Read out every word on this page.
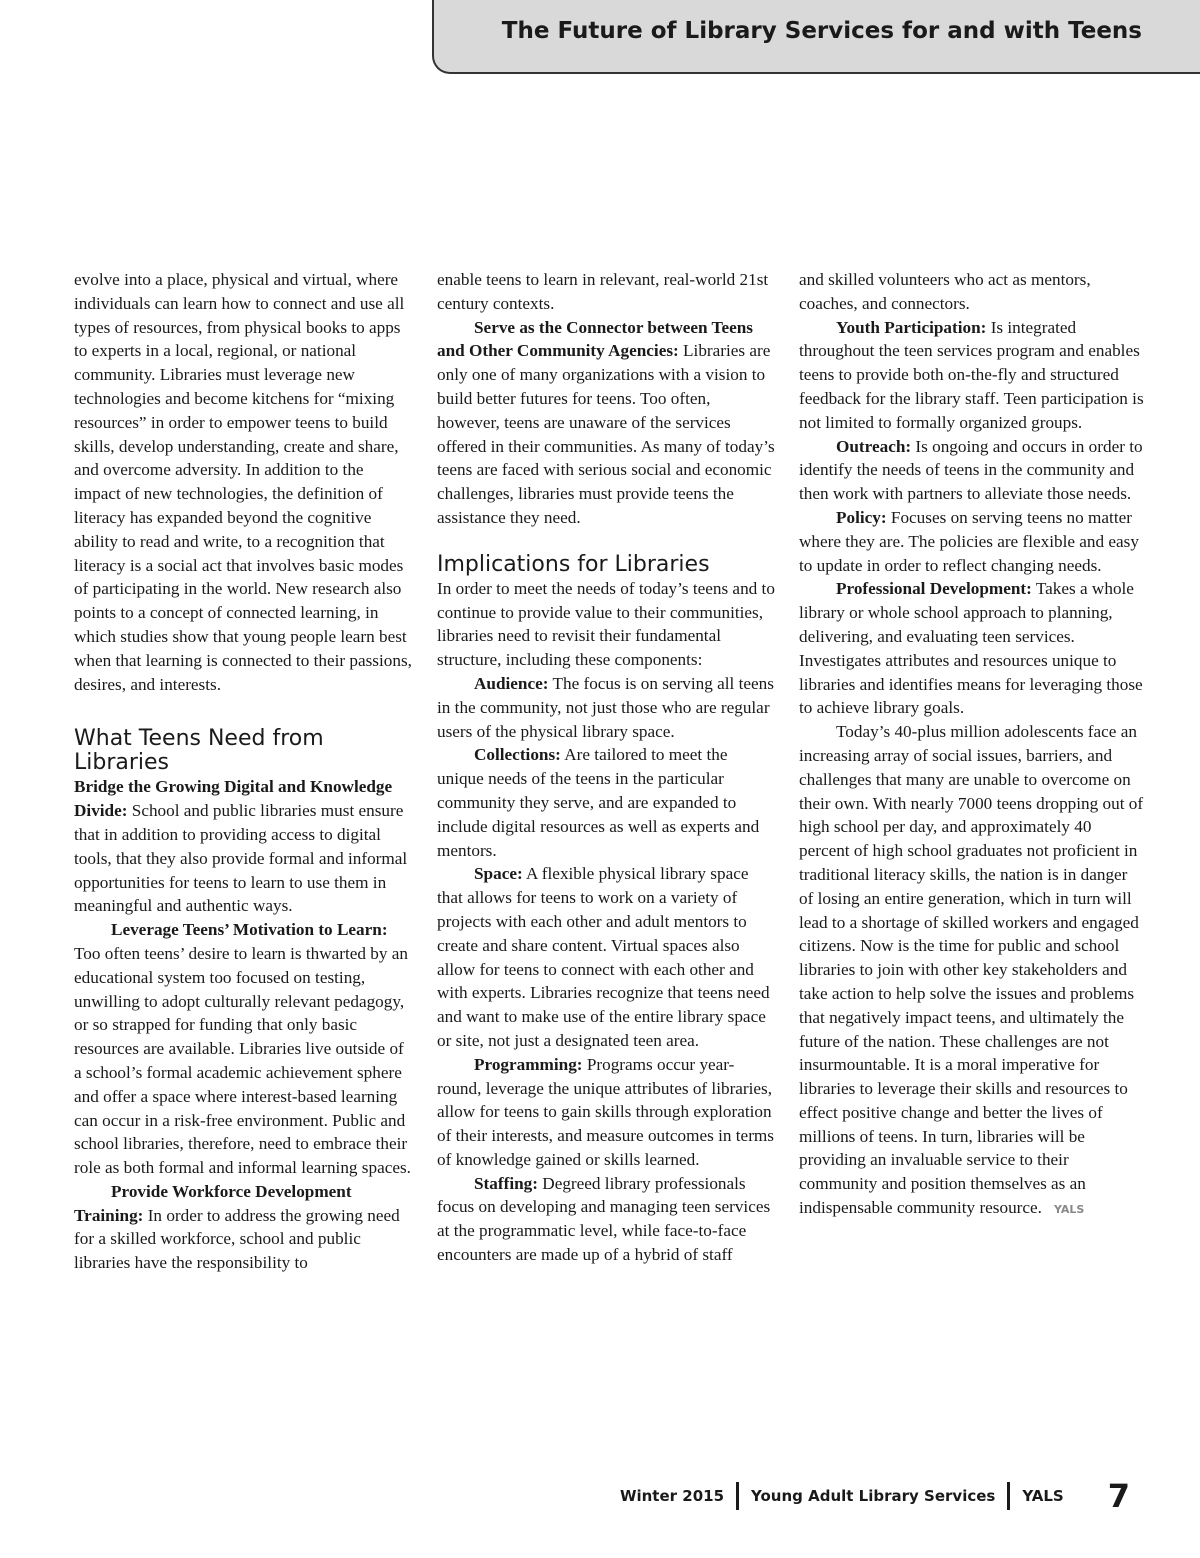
The Future of Library Services for and with Teens

evolve into a place, physical and virtual, where individuals can learn how to connect and use all types of resources, from physical books to apps to experts in a local, regional, or national community. Libraries must leverage new technologies and become kitchens for “mixing resources” in order to empower teens to build skills, develop understanding, create and share, and overcome adversity. In addition to the impact of new technologies, the definition of literacy has expanded beyond the cognitive ability to read and write, to a recognition that literacy is a social act that involves basic modes of participating in the world. New research also points to a concept of connected learning, in which studies show that young people learn best when that learning is connected to their passions, desires, and interests.

What Teens Need from Libraries

Bridge the Growing Digital and Knowledge Divide: School and public libraries must ensure that in addition to providing access to digital tools, that they also provide formal and informal opportunities for teens to learn to use them in meaningful and authentic ways.

Leverage Teens’ Motivation to Learn: Too often teens’ desire to learn is thwarted by an educational system too focused on testing, unwilling to adopt culturally relevant pedagogy, or so strapped for funding that only basic resources are available. Libraries live outside of a school’s formal academic achievement sphere and offer a space where interest-based learning can occur in a risk-free environment. Public and school libraries, therefore, need to embrace their role as both formal and informal learning spaces.

Provide Workforce Development Training: In order to address the growing need for a skilled workforce, school and public libraries have the responsibility to

enable teens to learn in relevant, real-world 21st century contexts.

Serve as the Connector between Teens and Other Community Agencies: Libraries are only one of many organizations with a vision to build better futures for teens. Too often, however, teens are unaware of the services offered in their communities. As many of today’s teens are faced with serious social and economic challenges, libraries must provide teens the assistance they need.

Implications for Libraries

In order to meet the needs of today’s teens and to continue to provide value to their communities, libraries need to revisit their fundamental structure, including these components:

Audience: The focus is on serving all teens in the community, not just those who are regular users of the physical library space.

Collections: Are tailored to meet the unique needs of the teens in the particular community they serve, and are expanded to include digital resources as well as experts and mentors.

Space: A flexible physical library space that allows for teens to work on a variety of projects with each other and adult mentors to create and share content. Virtual spaces also allow for teens to connect with each other and with experts. Libraries recognize that teens need and want to make use of the entire library space or site, not just a designated teen area.

Programming: Programs occur year-round, leverage the unique attributes of libraries, allow for teens to gain skills through exploration of their interests, and measure outcomes in terms of knowledge gained or skills learned.

Staffing: Degreed library professionals focus on developing and managing teen services at the programmatic level, while face-to-face encounters are made up of a hybrid of staff

and skilled volunteers who act as mentors, coaches, and connectors.

Youth Participation: Is integrated throughout the teen services program and enables teens to provide both on-the-fly and structured feedback for the library staff. Teen participation is not limited to formally organized groups.

Outreach: Is ongoing and occurs in order to identify the needs of teens in the community and then work with partners to alleviate those needs.

Policy: Focuses on serving teens no matter where they are. The policies are flexible and easy to update in order to reflect changing needs.

Professional Development: Takes a whole library or whole school approach to planning, delivering, and evaluating teen services. Investigates attributes and resources unique to libraries and identifies means for leveraging those to achieve library goals.

Today’s 40-plus million adolescents face an increasing array of social issues, barriers, and challenges that many are unable to overcome on their own. With nearly 7000 teens dropping out of high school per day, and approximately 40 percent of high school graduates not proficient in traditional literacy skills, the nation is in danger of losing an entire generation, which in turn will lead to a shortage of skilled workers and engaged citizens. Now is the time for public and school libraries to join with other key stakeholders and take action to help solve the issues and problems that negatively impact teens, and ultimately the future of the nation. These challenges are not insurmountable. It is a moral imperative for libraries to leverage their skills and resources to effect positive change and better the lives of millions of teens. In turn, libraries will be providing an invaluable service to their community and position themselves as an indispensable community resource. YALS

Winter 2015 Young Adult Library Services YALS 7
